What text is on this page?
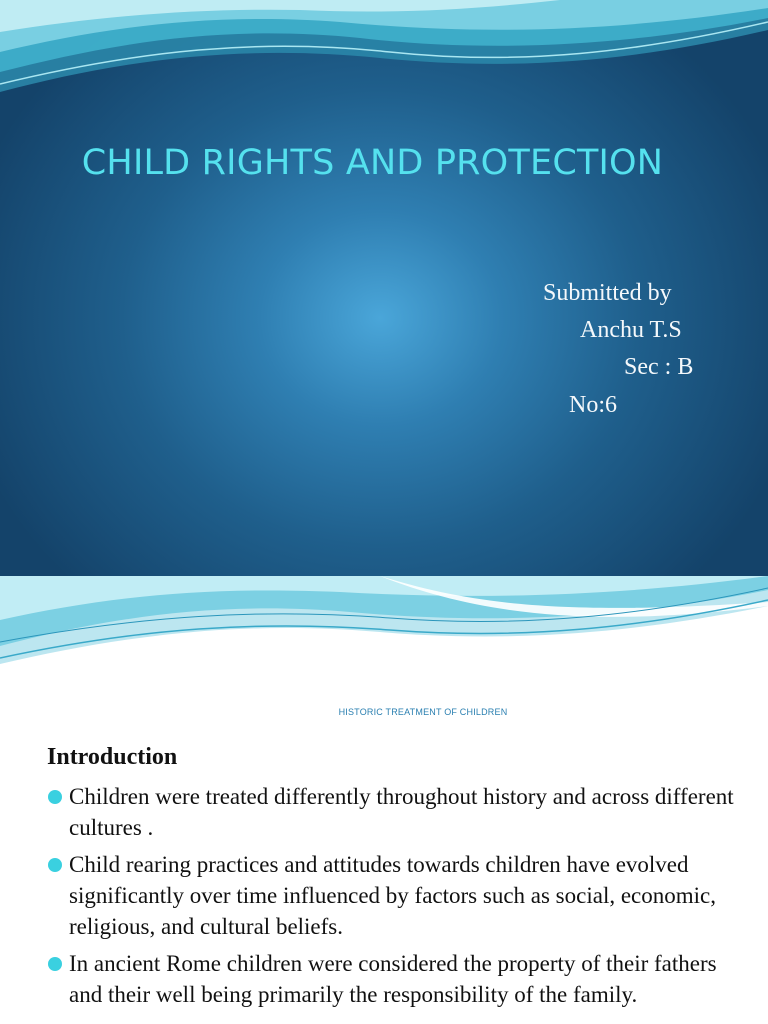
CHILD RIGHTS AND PROTECTION
Submitted by
Anchu T.S
Sec : B
No:6
HISTORIC TREATMENT OF CHILDREN
Introduction
Children were treated differently throughout history and across different cultures .
Child rearing practices and attitudes towards children have evolved significantly over time influenced by factors such as social, economic, religious, and cultural beliefs.
In ancient Rome children were considered the property of their fathers and their well being primarily the responsibility of the family.
